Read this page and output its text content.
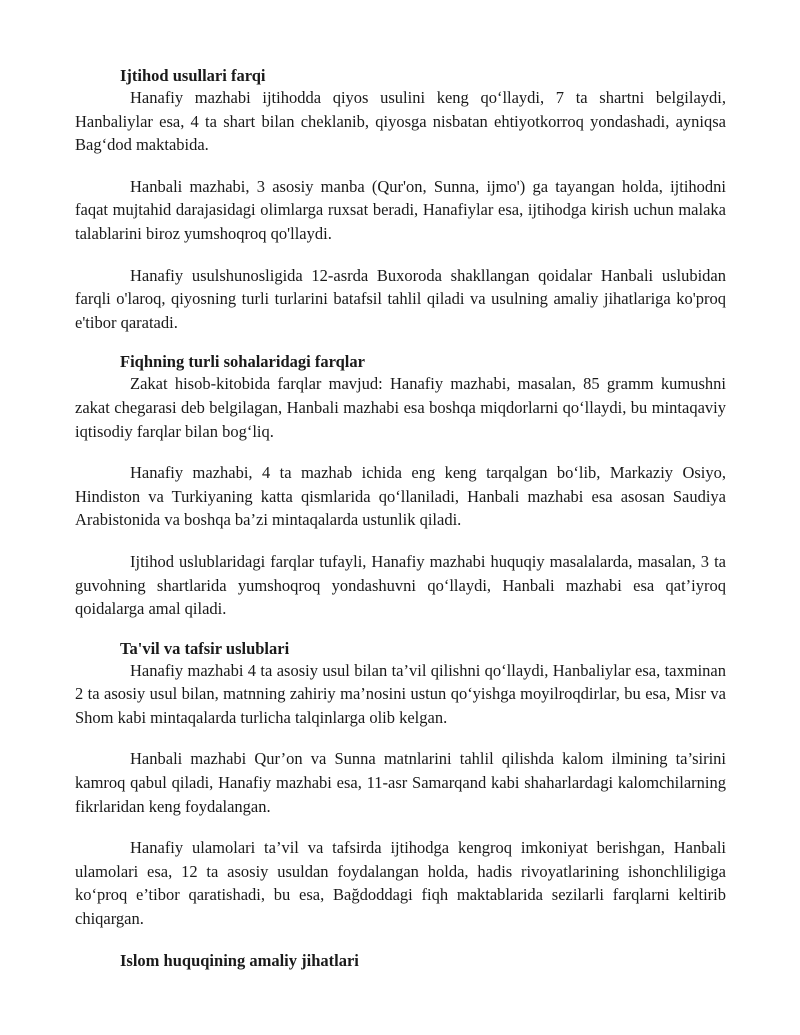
Ijtihod usullari farqi

Hanafiy mazhabi ijtihodda qiyos usulini keng qo‘llaydi, 7 ta shartni belgilaydi, Hanbaliylar esa, 4 ta shart bilan cheklanib, qiyosga nisbatan ehtiyotkorroq yondashadi, ayniqsa Bag‘dod maktabida.

Hanbali mazhabi, 3 asosiy manba (Qur'on, Sunna, ijmo') ga tayangan holda, ijtihodni faqat mujtahid darajasidagi olimlarga ruxsat beradi, Hanafiylar esa, ijtihodga kirish uchun malaka talablarini biroz yumshoqroq qo'llaydi.

Hanafiy usulshunosligida 12-asrda Buxoroda shakllangan qoidalar Hanbali uslubidan farqli o'laroq, qiyosning turli turlarini batafsil tahlil qiladi va usulning amaliy jihatlariga ko'proq e'tibor qaratadi.

Fiqhning turli sohalaridagi farqlar

Zakat hisob-kitobida farqlar mavjud: Hanafiy mazhabi, masalan, 85 gramm kumushni zakat chegarasi deb belgilagan, Hanbali mazhabi esa boshqa miqdorlarni qo‘llaydi, bu mintaqaviy iqtisodiy farqlar bilan bog‘liq.

Hanafiy mazhabi, 4 ta mazhab ichida eng keng tarqalgan bo‘lib, Markaziy Osiyo, Hindiston va Turkiyaning katta qismlarida qo‘llaniladi, Hanbali mazhabi esa asosan Saudiya Arabistonida va boshqa ba’zi mintaqalarda ustunlik qiladi.

Ijtihod uslublaridagi farqlar tufayli, Hanafiy mazhabi huquqiy masalalarda, masalan, 3 ta guvohning shartlarida yumshoqroq yondashuvni qo‘llaydi, Hanbali mazhabi esa qat’iyroq qoidalarga amal qiladi.

Ta'vil va tafsir uslublari

Hanafiy mazhabi 4 ta asosiy usul bilan ta’vil qilishni qo‘llaydi, Hanbaliylar esa, taxminan 2 ta asosiy usul bilan, matnning zahiriy ma’nosini ustun qo‘yishga moyilroqdirlar, bu esa, Misr va Shom kabi mintaqalarda turlicha talqinlarga olib kelgan.

Hanbali mazhabi Qur’on va Sunna matnlarini tahlil qilishda kalom ilmining ta’sirini kamroq qabul qiladi, Hanafiy mazhabi esa, 11-asr Samarqand kabi shaharlardagi kalomchilarning fikrlaridan keng foydalangan.

Hanafiy ulamolari ta’vil va tafsirda ijtihodga kengroq imkoniyat berishgan, Hanbali ulamolari esa, 12 ta asosiy usuldan foydalangan holda, hadis rivoyatlarining ishonchliligiga ko‘proq e’tibor qaratishadi, bu esa, Bağdoddagi fiqh maktablarida sezilarli farqlarni keltirib chiqargan.

Islom huquqining amaliy jihatlari
